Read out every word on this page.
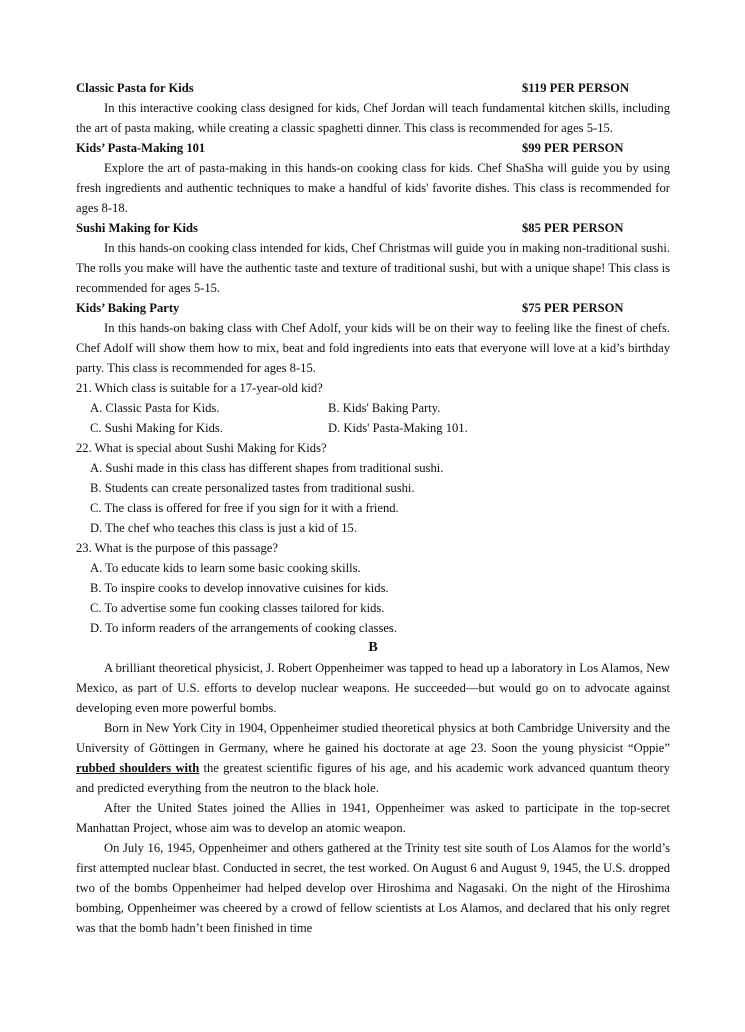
Classic Pasta for Kids	$119 PER PERSON

In this interactive cooking class designed for kids, Chef Jordan will teach fundamental kitchen skills, including the art of pasta making, while creating a classic spaghetti dinner. This class is recommended for ages 5-15.

Kids’ Pasta-Making 101	$99 PER PERSON

Explore the art of pasta-making in this hands-on cooking class for kids. Chef ShaSha will guide you by using fresh ingredients and authentic techniques to make a handful of kids' favorite dishes. This class is recommended for ages 8-18.

Sushi Making for Kids	$85 PER PERSON

In this hands-on cooking class intended for kids, Chef Christmas will guide you in making non-traditional sushi. The rolls you make will have the authentic taste and texture of traditional sushi, but with a unique shape! This class is recommended for ages 5-15.

Kids’ Baking Party	$75 PER PERSON

In this hands-on baking class with Chef Adolf, your kids will be on their way to feeling like the finest of chefs. Chef Adolf will show them how to mix, beat and fold ingredients into eats that everyone will love at a kid’s birthday party. This class is recommended for ages 8-15.

21. Which class is suitable for a 17-year-old kid?

A. Classic Pasta for Kids.	B. Kids' Baking Party.
C. Sushi Making for Kids.	D. Kids' Pasta-Making 101.

22. What is special about Sushi Making for Kids?

A. Sushi made in this class has different shapes from traditional sushi.

B. Students can create personalized tastes from traditional sushi.

C. The class is offered for free if you sign for it with a friend.

D. The chef who teaches this class is just a kid of 15.

23. What is the purpose of this passage?

A. To educate kids to learn some basic cooking skills.

B. To inspire cooks to develop innovative cuisines for kids.

C. To advertise some fun cooking classes tailored for kids.

D. To inform readers of the arrangements of cooking classes.

B

A brilliant theoretical physicist, J. Robert Oppenheimer was tapped to head up a laboratory in Los Alamos, New Mexico, as part of U.S. efforts to develop nuclear weapons. He succeeded—but would go on to advocate against developing even more powerful bombs.

Born in New York City in 1904, Oppenheimer studied theoretical physics at both Cambridge University and the University of Göttingen in Germany, where he gained his doctorate at age 23. Soon the young physicist “Oppie” rubbed shoulders with the greatest scientific figures of his age, and his academic work advanced quantum theory and predicted everything from the neutron to the black hole.

After the United States joined the Allies in 1941, Oppenheimer was asked to participate in the top-secret Manhattan Project, whose aim was to develop an atomic weapon.

On July 16, 1945, Oppenheimer and others gathered at the Trinity test site south of Los Alamos for the world’s first attempted nuclear blast. Conducted in secret, the test worked. On August 6 and August 9, 1945, the U.S. dropped two of the bombs Oppenheimer had helped develop over Hiroshima and Nagasaki. On the night of the Hiroshima bombing, Oppenheimer was cheered by a crowd of fellow scientists at Los Alamos, and declared that his only regret was that the bomb hadn’t been finished in time
